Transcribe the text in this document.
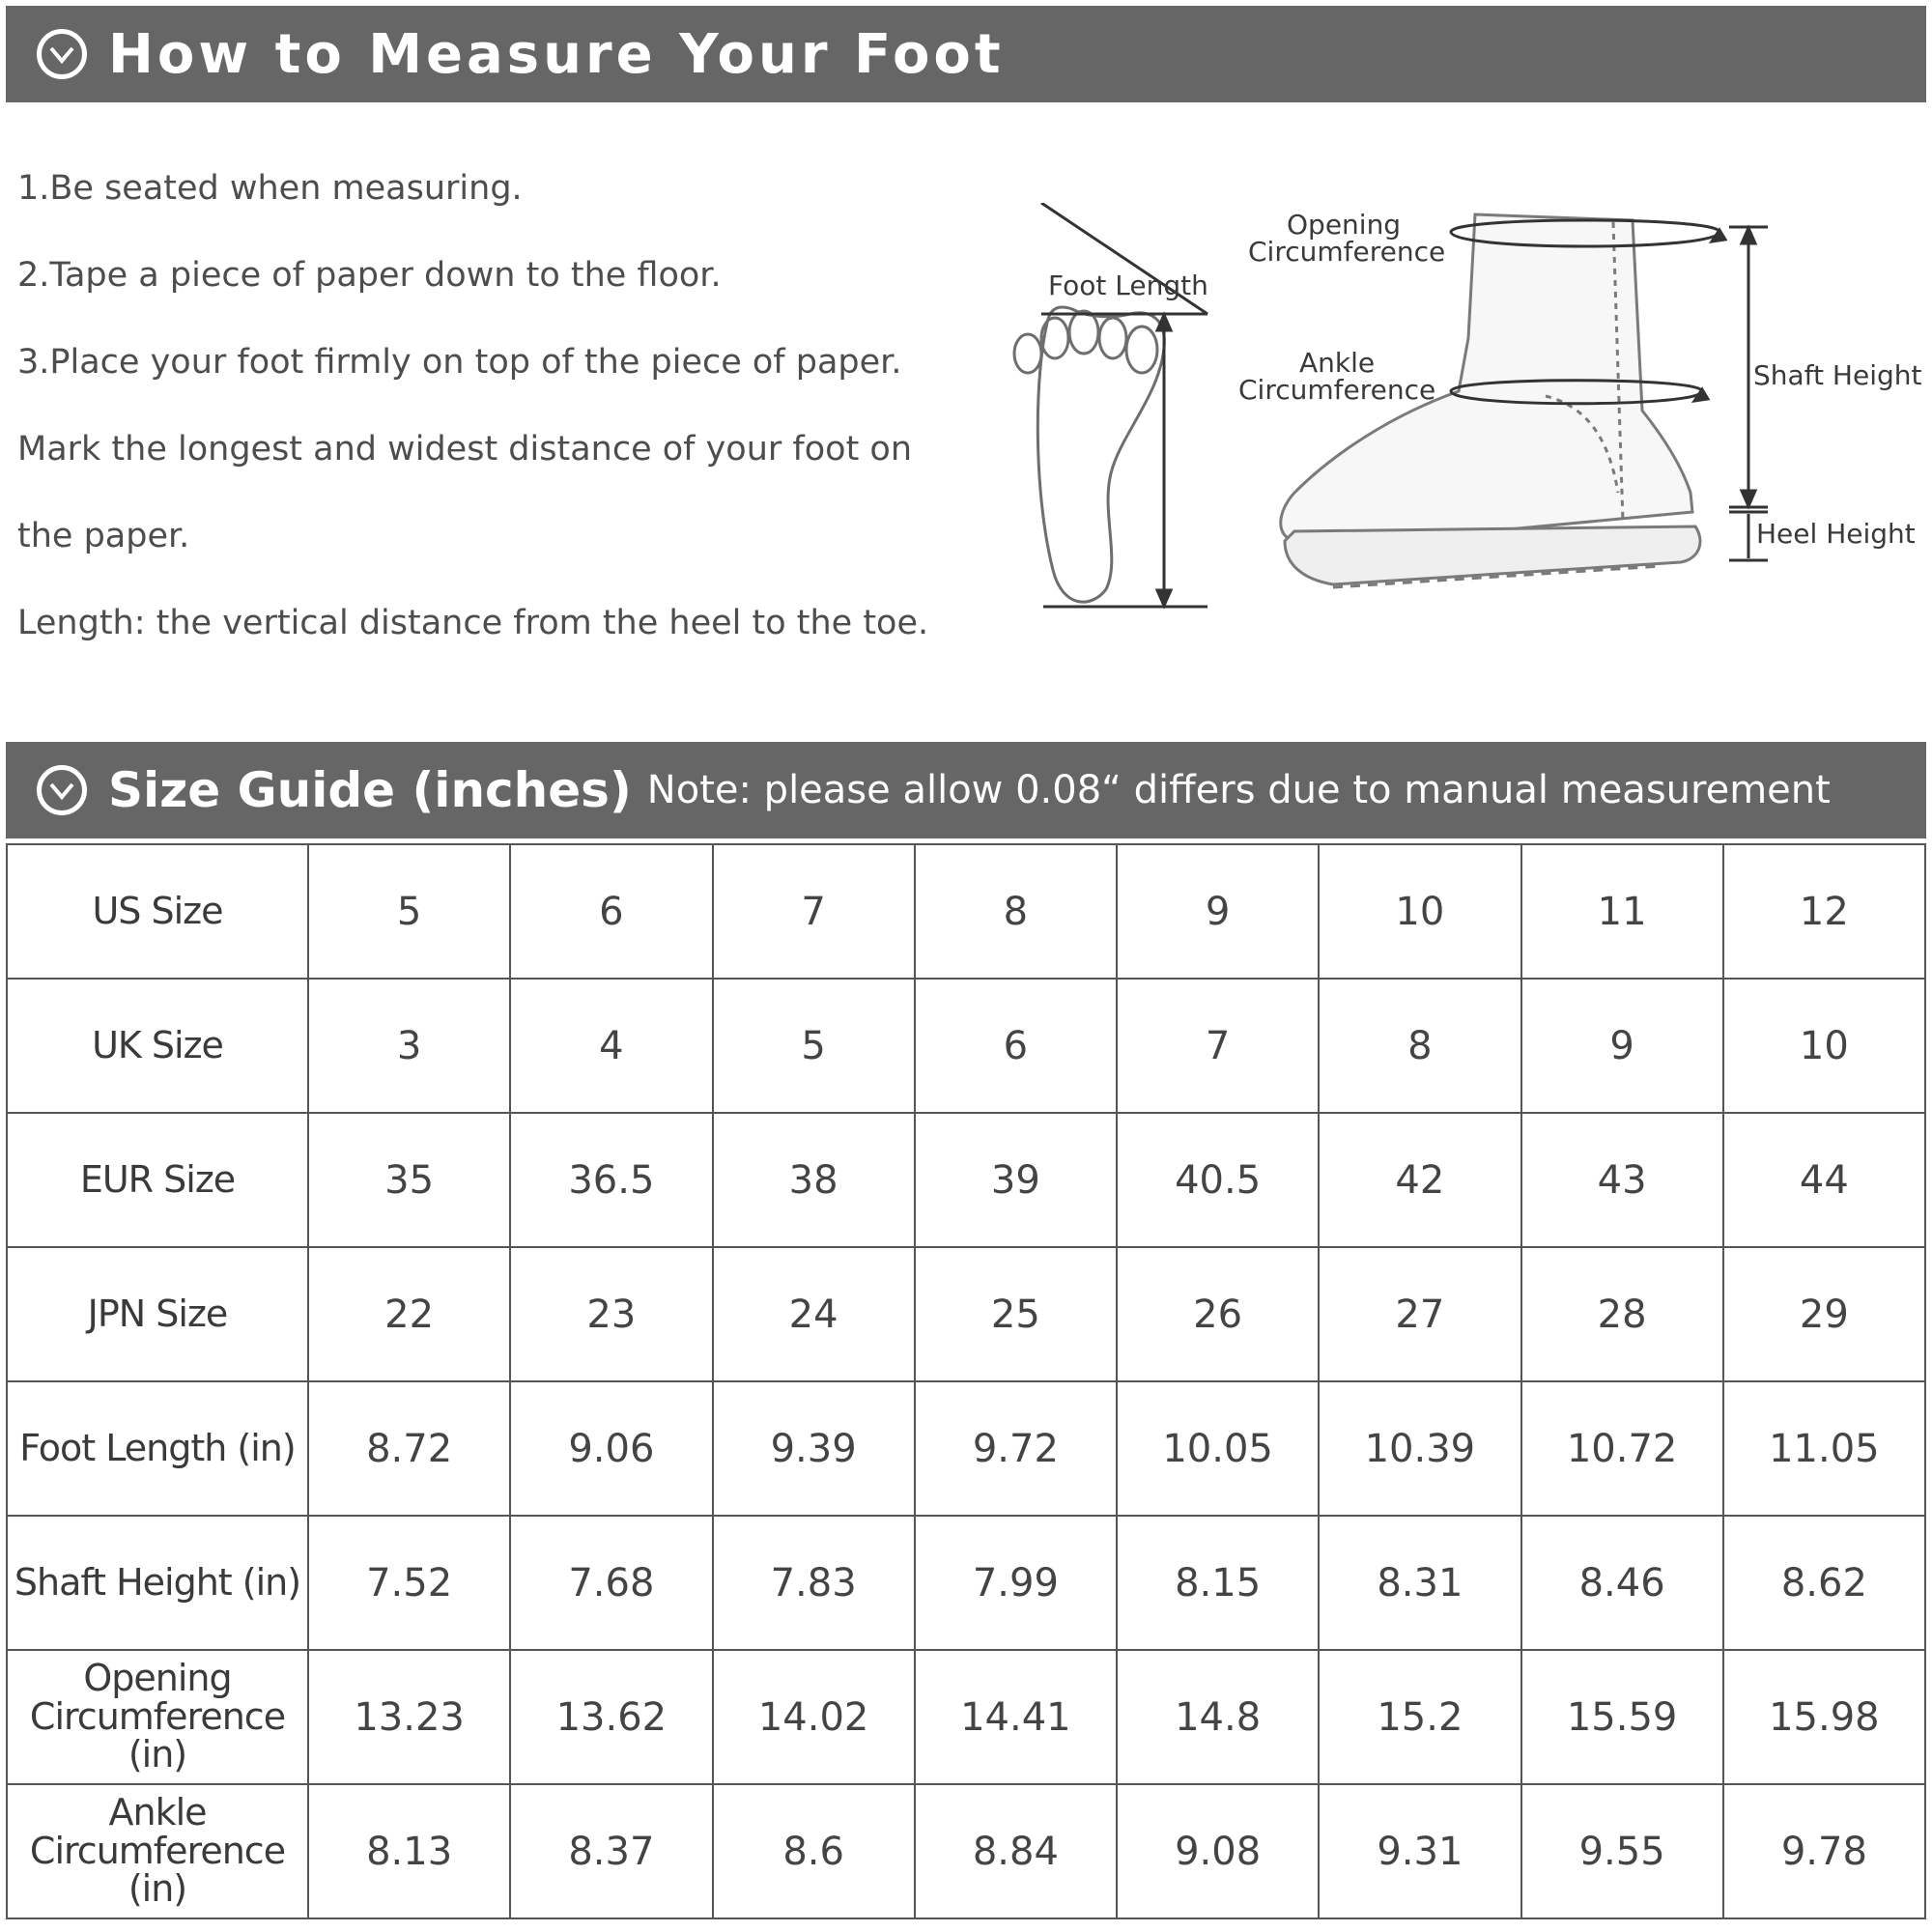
How to Measure Your Foot

1.Be seated when measuring.

2.Tape a piece of paper down to the floor.

3.Place your foot firmly on top of the piece of paper.

Mark the longest and widest distance of your foot on

the paper.

Length: the vertical distance from the heel to the toe.

Foot Length
Opening
Circumference
Ankle
Circumference	Shaft Height
Heel Height
Size Guide (inches) Note: please allow 0.08“ differs due to manual measurement
US Size	5	6	7	8	9	10	11	12
UK Size	3	4	5	6	7	8	9	10
EUR Size	35	36.5	38	39	40.5	42	43	44
JPN Size	22	23	24	25	26	27	28	29
Foot Length (in)	8.72	9.06	9.39	9.72	10.05	10.39	10.72	11.05
Shaft Height (in)	7.52	7.68	7.83	7.99	8.15	8.31	8.46	8.62

Opening
Circumference (in)	13.23	13.62	14.02	14.41	14.8	15.2	15.59	15.98

Ankle
Circumference (in)	8.13	8.37	8.6	8.84	9.08	9.31	9.55	9.78
